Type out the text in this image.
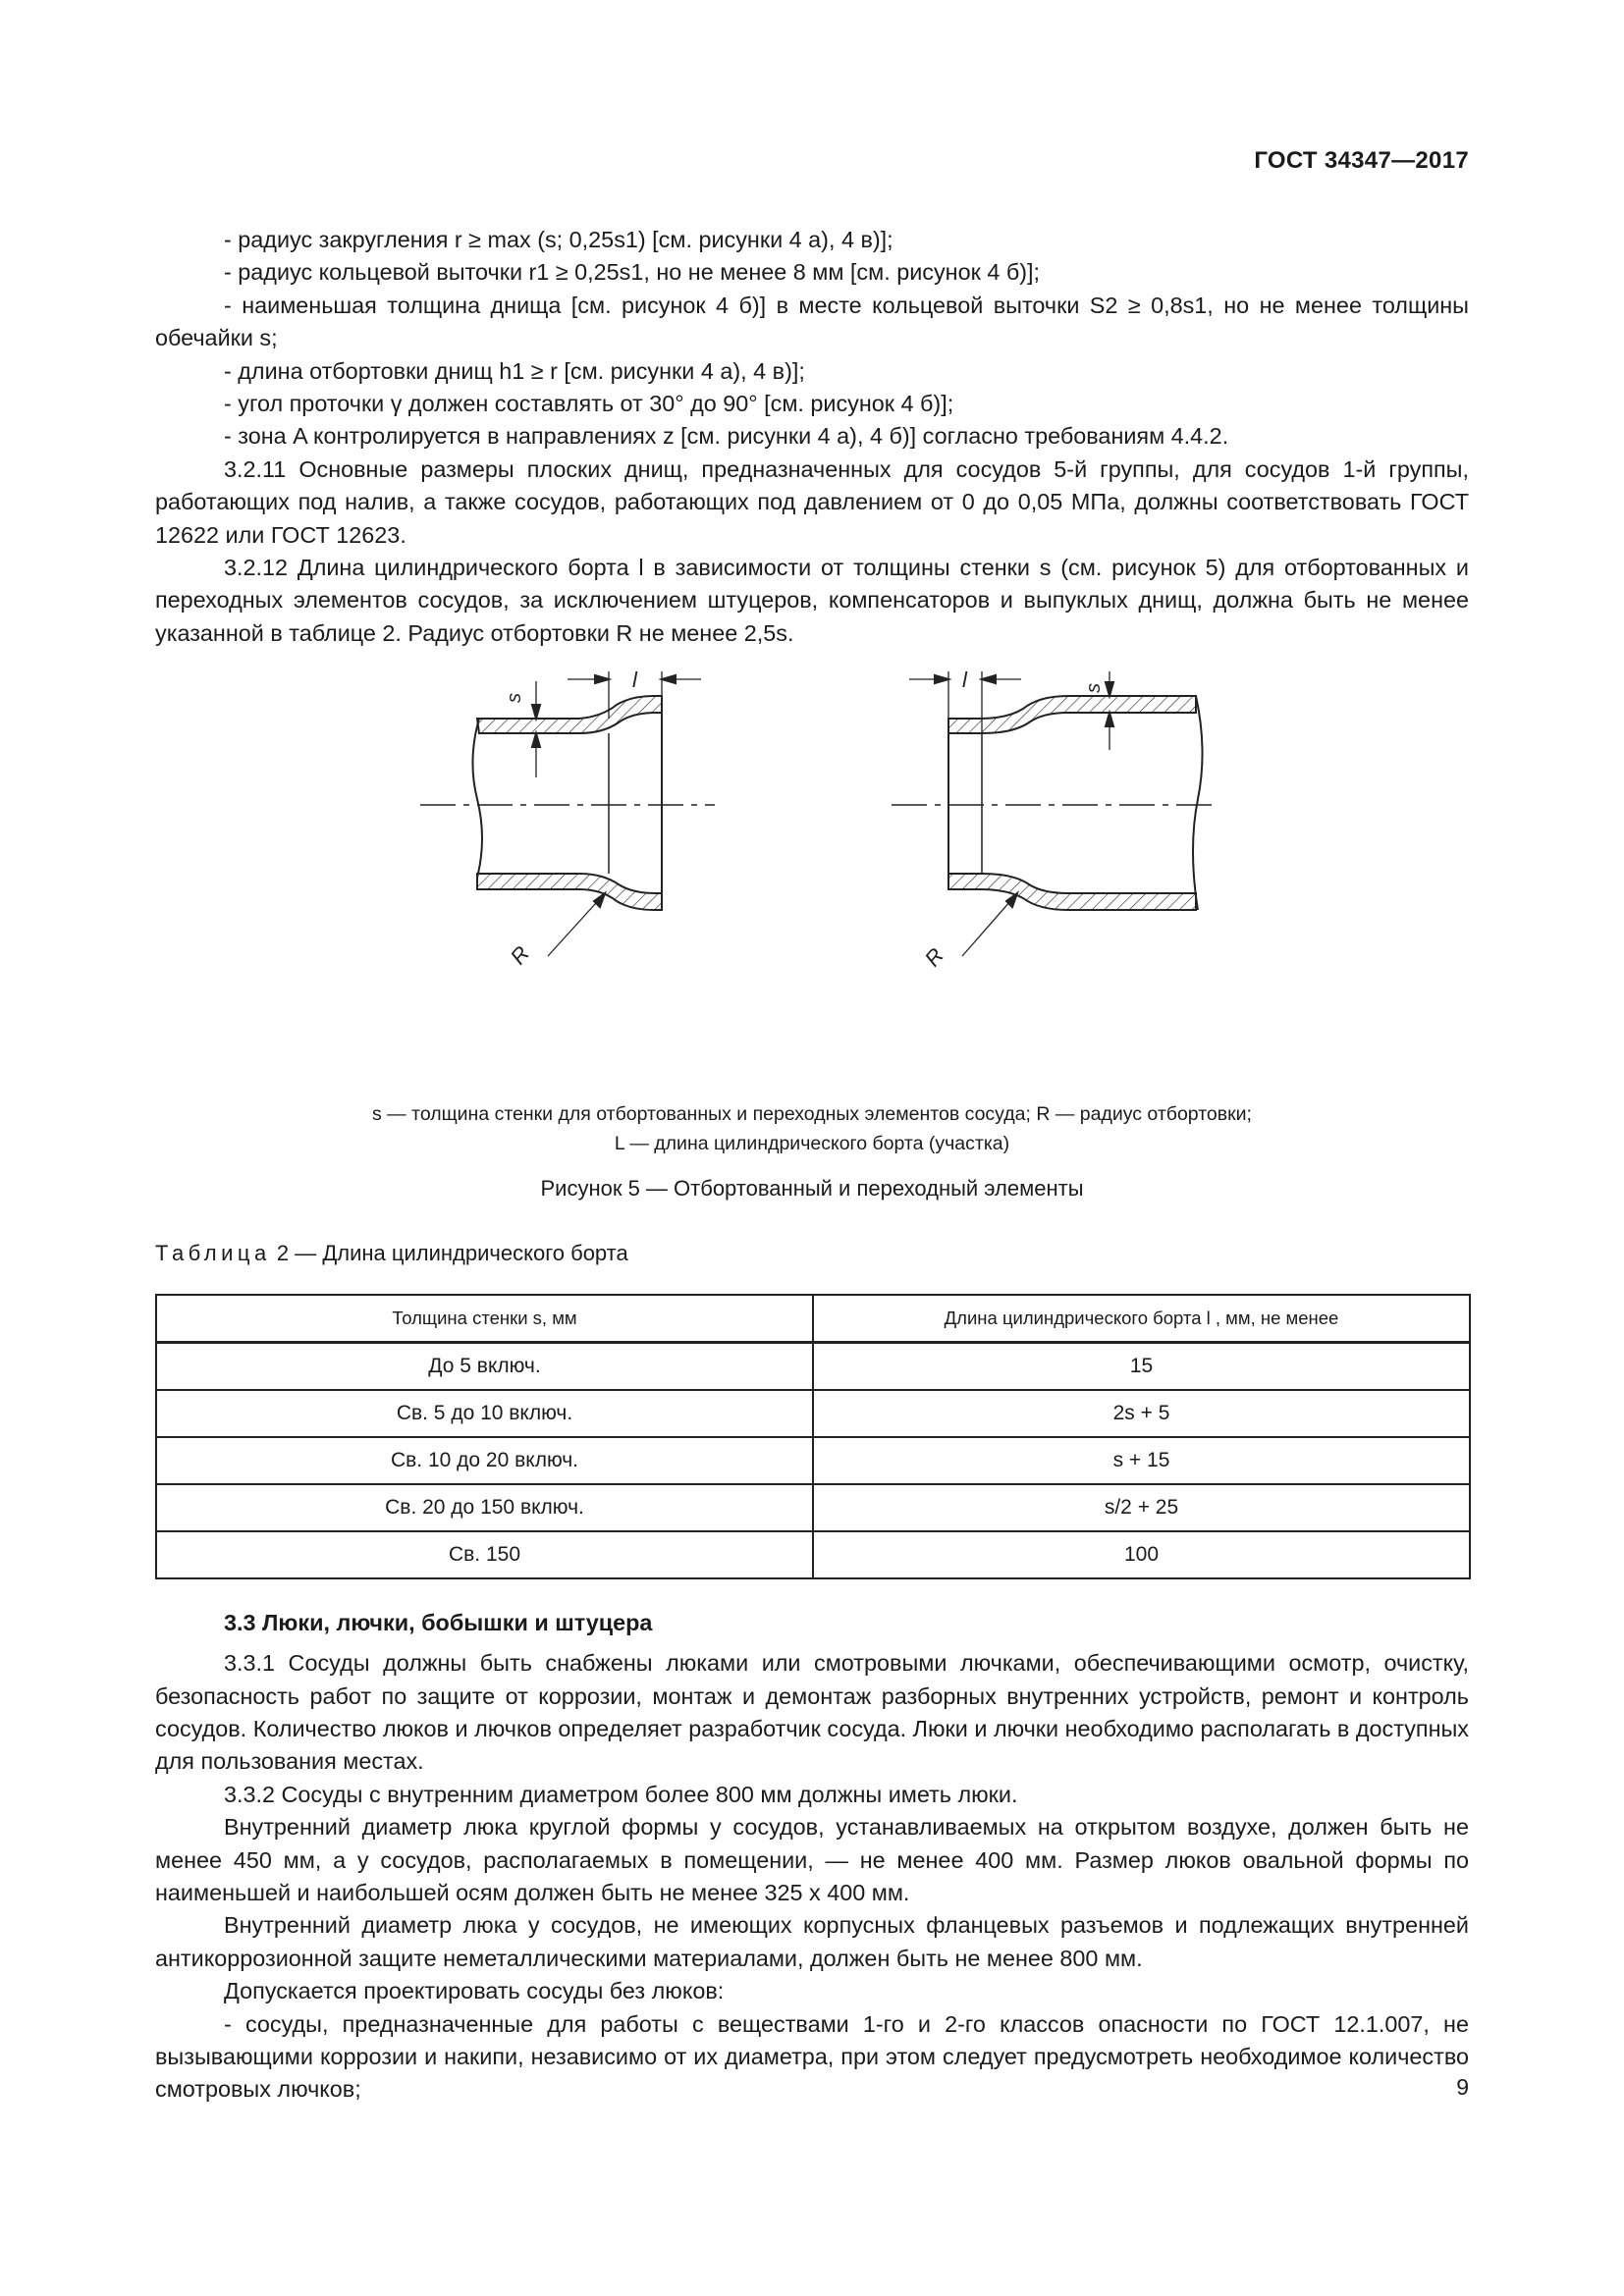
ГОСТ 34347—2017

- радиус закругления r ≥ max (s; 0,25s1) [см. рисунки 4 а), 4 в)];

- радиус кольцевой выточки r1 ≥ 0,25s1, но не менее 8 мм [см. рисунок 4 б)];

- наименьшая толщина днища [см. рисунок 4 б)] в месте кольцевой выточки S2 ≥ 0,8s1, но не менее толщины обечайки s;

- длина отбортовки днищ h1 ≥ r [см. рисунки 4 а), 4 в)];

- угол проточки γ должен составлять от 30° до 90° [см. рисунок 4 б)];

- зона A контролируется в направлениях z [см. рисунки 4 а), 4 б)] согласно требованиям 4.4.2.

3.2.11 Основные размеры плоских днищ, предназначенных для сосудов 5-й группы, для сосудов 1-й группы, работающих под налив, а также сосудов, работающих под давлением от 0 до 0,05 МПа, должны соответствовать ГОСТ 12622 или ГОСТ 12623.

3.2.12 Длина цилиндрического борта l в зависимости от толщины стенки s (см. рисунок 5) для отбортованных и переходных элементов сосудов, за исключением штуцеров, компенсаторов и выпуклых днищ, должна быть не менее указанной в таблице 2. Радиус отбортовки R не менее 2,5s.

s
l
R
s
l
R
s — толщина стенки для отбортованных и переходных элементов сосуда; R — радиус отбортовки;
L — длина цилиндрического борта (участка)
Рисунок 5 — Отбортованный и переходный элементы
Таблица 2 — Длина цилиндрического борта
Толщина стенки s, мм	Длина цилиндрического борта l , мм, не менее
До 5 включ.	15
Св. 5 до 10 включ.	2s + 5
Св. 10 до 20 включ.	s + 15
Св. 20 до 150 включ.	s/2 + 25
Св. 150	100

3.3 Люки, лючки, бобышки и штуцера

3.3.1 Сосуды должны быть снабжены люками или смотровыми лючками, обеспечивающими осмотр, очистку, безопасность работ по защите от коррозии, монтаж и демонтаж разборных внутренних устройств, ремонт и контроль сосудов. Количество люков и лючков определяет разработчик сосуда. Люки и лючки необходимо располагать в доступных для пользования местах.

3.3.2 Сосуды с внутренним диаметром более 800 мм должны иметь люки.

Внутренний диаметр люка круглой формы у сосудов, устанавливаемых на открытом воздухе, должен быть не менее 450 мм, а у сосудов, располагаемых в помещении, — не менее 400 мм. Размер люков овальной формы по наименьшей и наибольшей осям должен быть не менее 325 x 400 мм.

Внутренний диаметр люка у сосудов, не имеющих корпусных фланцевых разъемов и подлежащих внутренней антикоррозионной защите неметаллическими материалами, должен быть не менее 800 мм.

Допускается проектировать сосуды без люков:

- сосуды, предназначенные для работы с веществами 1-го и 2-го классов опасности по ГОСТ 12.1.007, не вызывающими коррозии и накипи, независимо от их диаметра, при этом следует предусмотреть необходимое количество смотровых лючков;	9
